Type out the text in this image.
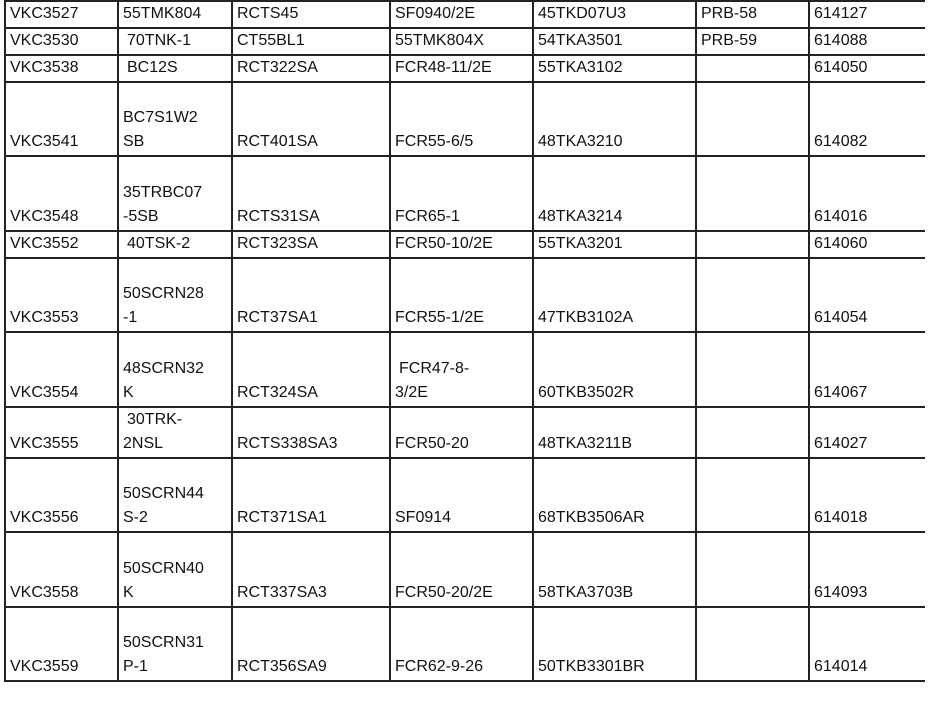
VKC3527	55TMK804	RCTS45	SF0940/2E	45TKD07U3	PRB-58	614127

VKC3530	70TNK-1	CT55BL1	55TMK804X	54TKA3501	PRB-59	614088

VKC3538	BC12S	RCT322SA	FCR48-11/2E	55TKA3102		614050

VKC3541	BC7S1W2
SB	RCT401SA	FCR55-6/5	48TKA3210		614082

VKC3548	35TRBC07
-5SB	RCTS31SA	FCR65-1	48TKA3214		614016

VKC3552	40TSK-2	RCT323SA	FCR50-10/2E	55TKA3201		614060

VKC3553	50SCRN28
-1	RCT37SA1	FCR55-1/2E	47TKB3102A		614054

VKC3554	48SCRN32
K	RCT324SA	FCR47-8-
3/2E	60TKB3502R		614067

VKC3555	30TRK-
2NSL	RCTS338SA3	FCR50-20	48TKA3211B		614027

VKC3556	50SCRN44
S-2	RCT371SA1	SF0914	68TKB3506AR		614018

VKC3558	50SCRN40
K	RCT337SA3	FCR50-20/2E	58TKA3703B		614093

VKC3559	50SCRN31
P-1	RCT356SA9	FCR62-9-26	50TKB3301BR		614014
